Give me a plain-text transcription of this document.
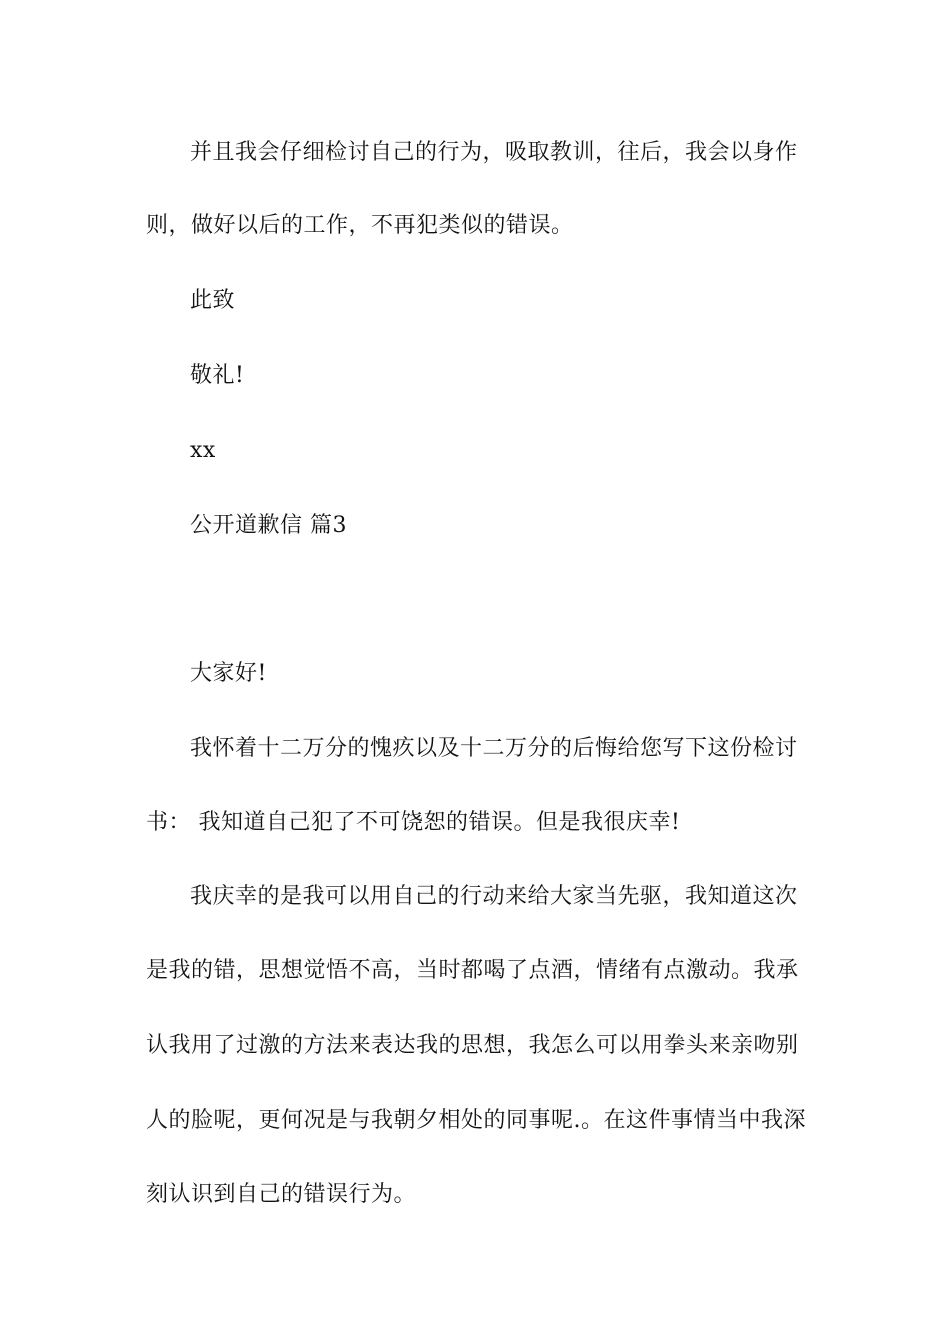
并且我会仔细检讨自己的行为，吸取教训，往后，我会以身作
则，做好以后的工作，不再犯类似的错误。
此致
敬礼!
xx
公开道歉信 篇3
大家好!
我怀着十二万分的愧疚以及十二万分的后悔给您写下这份检讨
书： 我知道自己犯了不可饶恕的错误。但是我很庆幸!
我庆幸的是我可以用自己的行动来给大家当先驱，我知道这次
是我的错，思想觉悟不高，当时都喝了点酒，情绪有点激动。我承
认我用了过激的方法来表达我的思想，我怎么可以用拳头来亲吻别
人的脸呢，更何况是与我朝夕相处的同事呢.。在这件事情当中我深
刻认识到自己的错误行为。
